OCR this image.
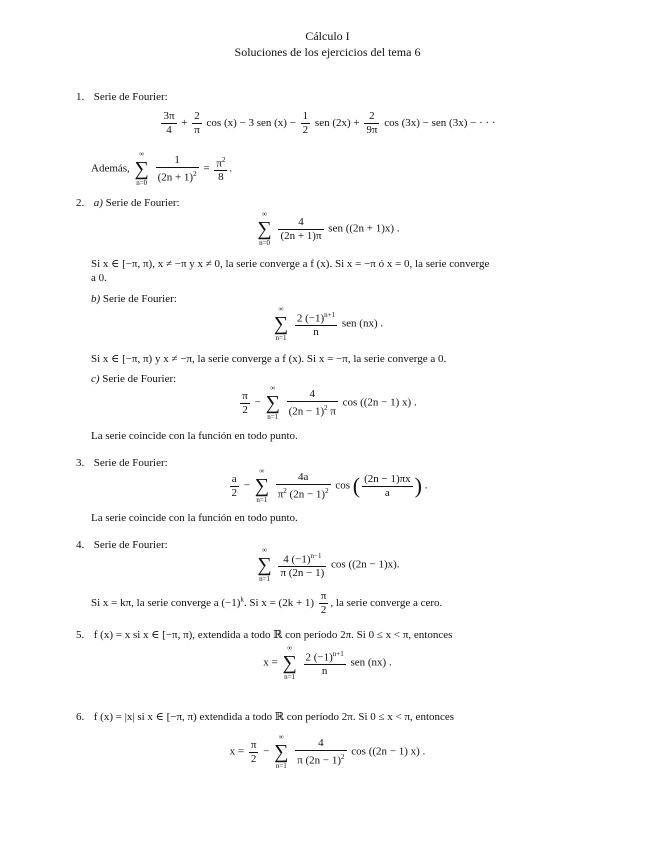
Cálculo I
Soluciones de los ejercicios del tema 6
1. Serie de Fourier:
$\frac{3\pi}{4} + \frac{2}{\pi}$ cos (x) − 3 sen $(x) - \frac{1}{2}$ sen $(2x) + \frac{2}{9\pi}$ cos (3x) − sen (3x) − · · ·
Además,
∞
∑
n=0
$\frac{1}{(2n + 1)^2} = \frac{\pi^2}{8}$ .
2. a) Serie de Fourier:
∞
∑
n=0

$\frac{4}{(2n + 1)\pi}$ sen ((2n + 1)x) .
Si x ∈ [−π, π), x ≠ −π y x ≠ 0, la serie converge a f (x). Si x = −π ó x = 0, la serie converge
a 0.
b) Serie de Fourier:
∞
∑
n=1
$\frac{2 (-1)^{n+1}}{n}$ sen (nx) .
Si x ∈ [−π, π) y x ≠ −π, la serie converge a f (x). Si x = −π, la serie converge a 0.
c) Serie de Fourier:
$\frac{\pi}{2}$ −
∞
∑
n=1
$\frac{4}{(2n - 1)^2 \pi}$ cos ((2n − 1) x) .
La serie coincide con la función en todo punto.
3. Serie de Fourier:
$\frac{a}{2}$ −
∞
∑
n=1
$\frac{4a}{\pi^2 (2n - 1)^2}$ cos ( $\frac{(2n - 1)\pi x}{a}$ ) .
La serie coincide con la función en todo punto.
4. Serie de Fourier:	∞
∑
n=1
$\frac{4 (-1)^{n-1}}{\pi (2n - 1)}$ cos ((2n − 1)x).
Si x = kπ, la serie converge a $(-1)^k$. Si $x = (2k + 1) \frac{\pi}{2}$ , la serie converge a cero.
5. f (x) = x si x ∈ [−π, π), extendida a todo ℝ con período 2π. Si 0 ≤ x < π, entonces
x =
∞
∑
n=1
$\frac{2 (-1)^{n+1}}{n}$ sen (nx) .
6. f (x) = |x| si x ∈ [−π, π) extendida a todo ℝ con período 2π. Si 0 ≤ x < π, entonces
$x = \frac{\pi}{2}$ −
∞
∑
n=1
$\frac{4}{\pi (2n - 1)^2}$ cos ((2n − 1) x) .
